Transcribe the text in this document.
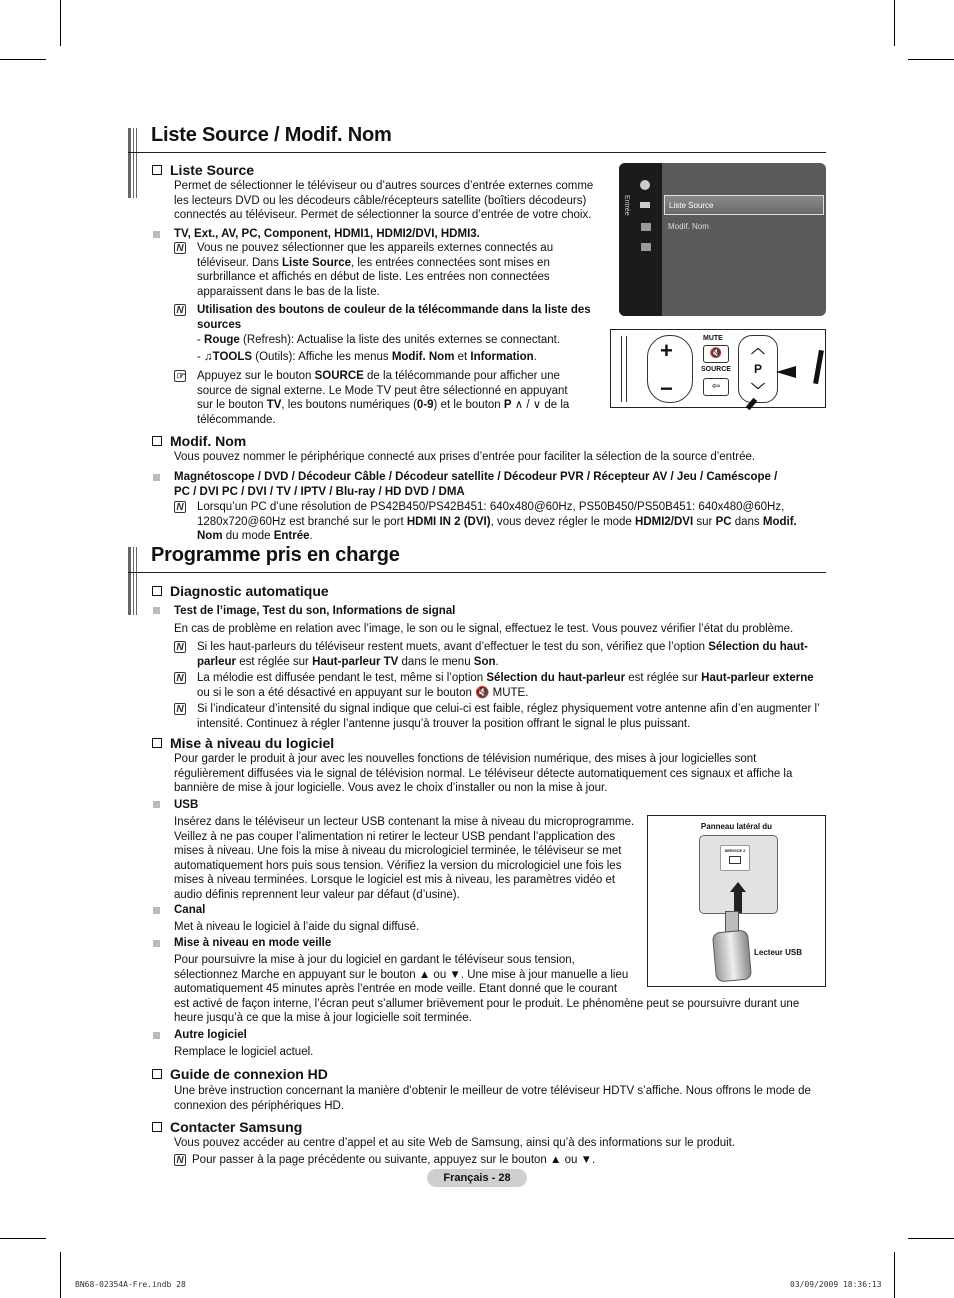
Liste Source / Modif. Nom
Liste Source
Permet de sélectionner le téléviseur ou d’autres sources d’entrée externes comme
les lecteurs DVD ou les décodeurs câble/récepteurs satellite (boîtiers décodeurs)
connectés au téléviseur. Permet de sélectionner la source d’entrée de votre choix.
TV, Ext., AV, PC, Component, HDMI1, HDMI2/DVI, HDMI3.
N Vous ne pouvez sélectionner que les appareils externes connectés au
téléviseur. Dans Liste Source, les entrées connectées sont mises en
surbrillance et affichés en début de liste. Les entrées non connectées
apparaissent dans le bas de la liste.
N Utilisation des boutons de couleur de la télécommande dans la liste des
sources
- Rouge (Refresh): Actualise la liste des unités externes se connectant.
- ♫TOOLS (Outils): Affiche les menus Modif. Nom et Information.
☞ Appuyez sur le bouton SOURCE de la télécommande pour afficher une
source de signal externe. Le Mode TV peut être sélectionné en appuyant
sur le bouton TV, les boutons numériques (0-9) et le bouton P ∧ / ∨ de la
télécommande.
Entrée	Liste Source
Modif. Nom
+
−
MUTE
🔇
SOURCE
⇦
︿
P
﹀
Modif. Nom
Vous pouvez nommer le périphérique connecté aux prises d’entrée pour faciliter la sélection de la source d’entrée.
Magnétoscope / DVD / Décodeur Câble / Décodeur satellite / Décodeur PVR / Récepteur AV / Jeu / Caméscope /
PC / DVI PC / DVI / TV / IPTV / Blu-ray / HD DVD / DMA
N Lorsqu’un PC d’une résolution de PS42B450/PS42B451: 640x480@60Hz, PS50B450/PS50B451: 640x480@60Hz,
1280x720@60Hz est branché sur le port HDMI IN 2 (DVI), vous devez régler le mode HDMI2/DVI sur PC dans Modif.
Nom du mode Entrée.
Programme pris en charge
Diagnostic automatique
Test de l’image, Test du son, Informations de signal
En cas de problème en relation avec l’image, le son ou le signal, effectuez le test. Vous pouvez vérifier l’état du problème.
N Si les haut-parleurs du téléviseur restent muets, avant d’effectuer le test du son, vérifiez que l’option Sélection du haut-
parleur est réglée sur Haut-parleur TV dans le menu Son.
N La mélodie est diffusée pendant le test, même si l’option Sélection du haut-parleur est réglée sur Haut-parleur externe
ou si le son a été désactivé en appuyant sur le bouton 🔇 MUTE.
N Si l’indicateur d’intensité du signal indique que celui-ci est faible, réglez physiquement votre antenne afin d’en augmenter l’
intensité. Continuez à régler l’antenne jusqu’à trouver la position offrant le signal le plus puissant.
Mise à niveau du logiciel
Pour garder le produit à jour avec les nouvelles fonctions de télévision numérique, des mises à jour logicielles sont
régulièrement diffusées via le signal de télévision normal. Le téléviseur détecte automatiquement ces signaux et affiche la
bannière de mise à jour logicielle. Vous avez le choix d’installer ou non la mise à jour.
USB
Insérez dans le téléviseur un lecteur USB contenant la mise à niveau du microprogramme.
Veillez à ne pas couper l’alimentation ni retirer le lecteur USB pendant l’application des
mises à niveau. Une fois la mise à niveau du micrologiciel terminée, le téléviseur se met
automatiquement hors puis sous tension. Vérifiez la version du micrologiciel une fois les
mises à niveau terminées. Lorsque le logiciel est mis à niveau, les paramètres vidéo et
audio définis reprennent leur valeur par défaut (d’usine).
Canal
Met à niveau le logiciel à l’aide du signal diffusé.
Mise à niveau en mode veille
Pour poursuivre la mise à jour du logiciel en gardant le téléviseur sous tension,
sélectionnez Marche en appuyant sur le bouton ▲ ou ▼. Une mise à jour manuelle a lieu
automatiquement 45 minutes après l’entrée en mode veille. Etant donné que le courant
est activé de façon interne, l’écran peut s’allumer brièvement pour le produit. Le phénomène peut se poursuivre durant une
heure jusqu’à ce que la mise à jour logicielle soit terminée.
Autre logiciel
Remplace le logiciel actuel.
Panneau latéral du
SERVICE 2
Lecteur USB
Guide de connexion HD
Une brève instruction concernant la manière d’obtenir le meilleur de votre téléviseur HDTV s’affiche. Nous offrons le mode de
connexion des périphériques HD.
Contacter Samsung
Vous pouvez accéder au centre d’appel et au site Web de Samsung, ainsi qu’à des informations sur le produit.
N Pour passer à la page précédente ou suivante, appuyez sur le bouton ▲ ou ▼.
Français - 28
BN68-02354A-Fre.indb 28	03/09/2009 18:36:13
